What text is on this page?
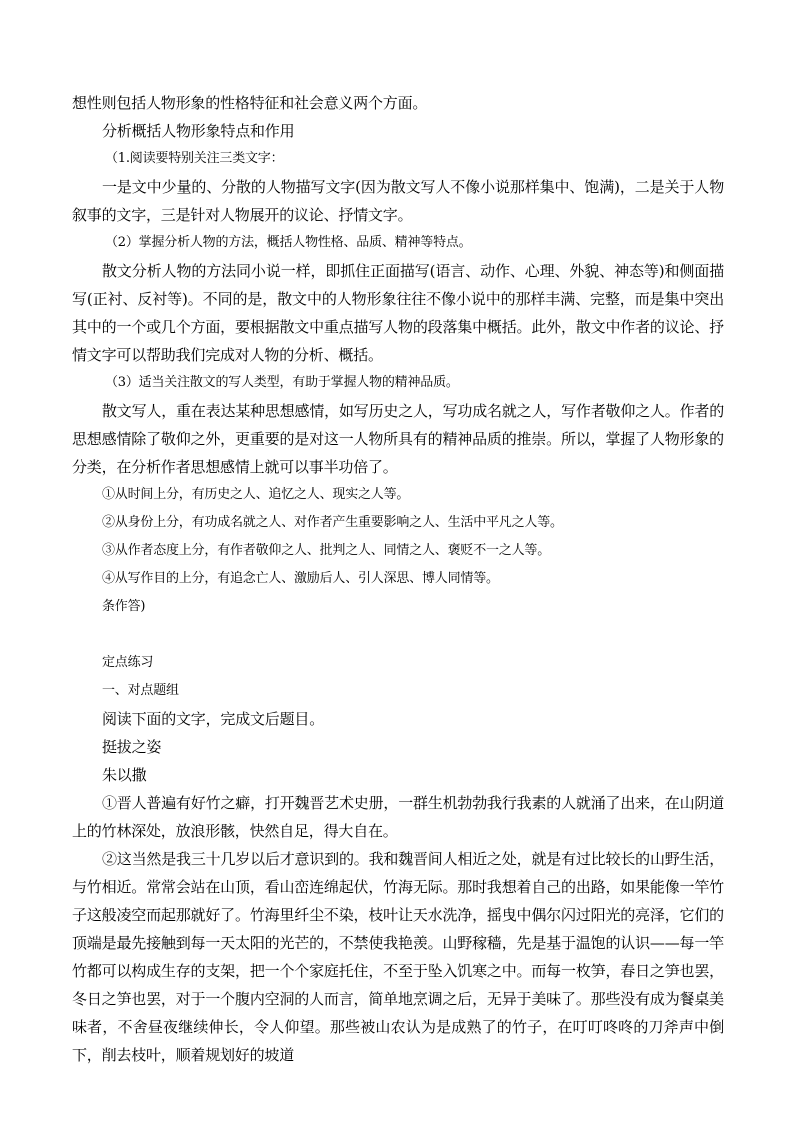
想性则包括人物形象的性格特征和社会意义两个方面。

分析概括人物形象特点和作用

（1.阅读要特别关注三类文字：

一是文中少量的、分散的人物描写文字(因为散文写人不像小说那样集中、饱满)，二是关于人物叙事的文字，三是针对人物展开的议论、抒情文字。

（2）掌握分析人物的方法，概括人物性格、品质、精神等特点。

散文分析人物的方法同小说一样，即抓住正面描写(语言、动作、心理、外貌、神态等)和侧面描写(正衬、反衬等)。不同的是，散文中的人物形象往往不像小说中的那样丰满、完整，而是集中突出其中的一个或几个方面，要根据散文中重点描写人物的段落集中概括。此外，散文中作者的议论、抒情文字可以帮助我们完成对人物的分析、概括。

（3）适当关注散文的写人类型，有助于掌握人物的精神品质。

散文写人，重在表达某种思想感情，如写历史之人，写功成名就之人，写作者敬仰之人。作者的思想感情除了敬仰之外，更重要的是对这一人物所具有的精神品质的推崇。所以，掌握了人物形象的分类，在分析作者思想感情上就可以事半功倍了。

①从时间上分，有历史之人、追忆之人、现实之人等。

②从身份上分，有功成名就之人、对作者产生重要影响之人、生活中平凡之人等。

③从作者态度上分，有作者敬仰之人、批判之人、同情之人、褒贬不一之人等。

④从写作目的上分，有追念亡人、激励后人、引人深思、博人同情等。

条作答)

定点练习

一、对点题组

阅读下面的文字，完成文后题目。

挺拔之姿

朱以撒

①晋人普遍有好竹之癖，打开魏晋艺术史册，一群生机勃勃我行我素的人就涌了出来，在山阴道上的竹林深处，放浪形骸，快然自足，得大自在。

②这当然是我三十几岁以后才意识到的。我和魏晋间人相近之处，就是有过比较长的山野生活，与竹相近。常常会站在山顶，看山峦连绵起伏，竹海无际。那时我想着自己的出路，如果能像一竿竹子这般凌空而起那就好了。竹海里纤尘不染，枝叶让天水洗净，摇曳中偶尔闪过阳光的亮泽，它们的顶端是最先接触到每一天太阳的光芒的，不禁使我艳羡。山野稼穑，先是基于温饱的认识——每一竿竹都可以构成生存的支架，把一个个家庭托住，不至于坠入饥寒之中。而每一枚笋，春日之笋也罢，冬日之笋也罢，对于一个腹内空洞的人而言，简单地烹调之后，无异于美味了。那些没有成为餐桌美味者，不舍昼夜继续伸长，令人仰望。那些被山农认为是成熟了的竹子，在叮叮咚咚的刀斧声中倒下，削去枝叶，顺着规划好的坡道
